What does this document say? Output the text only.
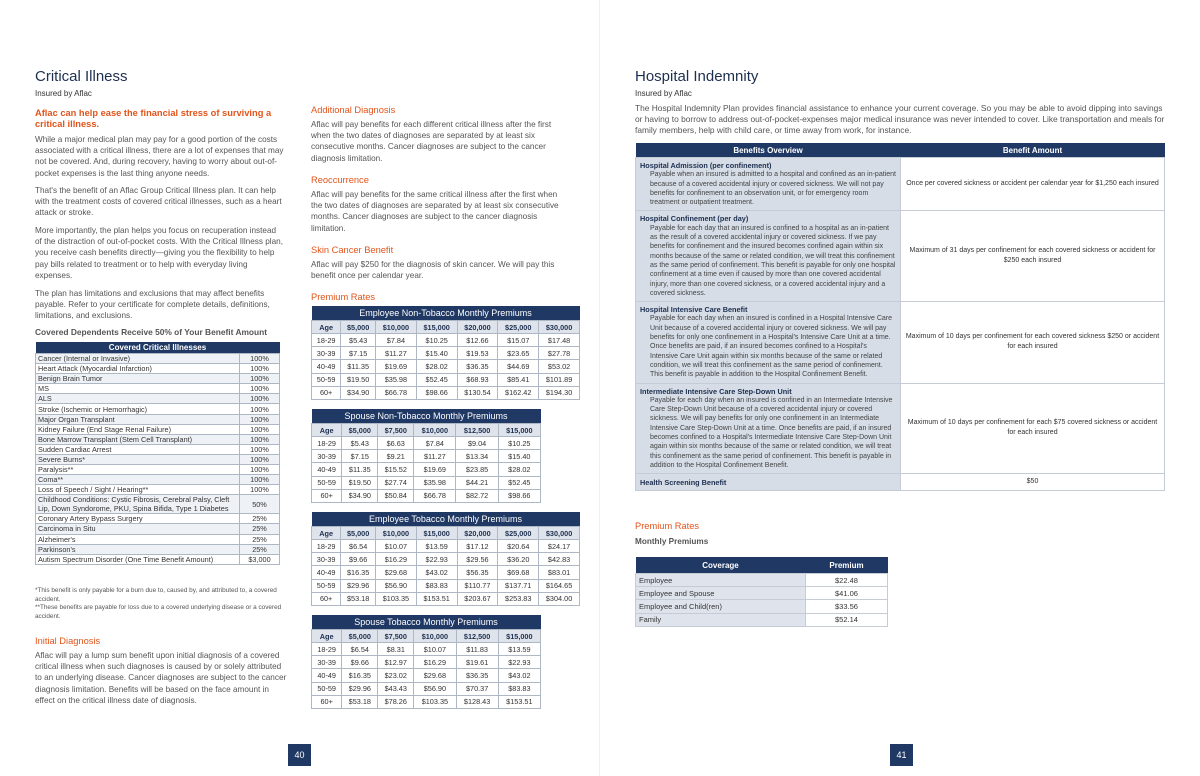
Critical Illness
Insured by Aflac
Aflac can help ease the financial stress of surviving a critical illness.

While a major medical plan may pay for a good portion of the costs associated with a critical illness, there are a lot of expenses that may not be covered. And, during recovery, having to worry about out-of-pocket expenses is the last thing anyone needs.

That's the benefit of an Aflac Group Critical Illness plan. It can help with the treatment costs of covered critical illnesses, such as a heart attack or stroke.

More importantly, the plan helps you focus on recuperation instead of the distraction of out-of-pocket costs. With the Critical Illness plan, you receive cash benefits directly—giving you the flexibility to help pay bills related to treatment or to help with everyday living expenses.

The plan has limitations and exclusions that may affect benefits payable. Refer to your certificate for complete details, definitions, limitations, and exclusions.

Covered Dependents Receive 50% of Your Benefit Amount
Covered Critical Illnesses	
Cancer (Internal or Invasive)	100%
Heart Attack (Myocardial Infarction)	100%
Benign Brain Tumor	100%
MS	100%
ALS	100%
Stroke (Ischemic or Hemorrhagic)	100%
Major Organ Transplant	100%
Kidney Failure (End Stage Renal Failure)	100%
Bone Marrow Transplant (Stem Cell Transplant)	100%
Sudden Cardiac Arrest	100%
Severe Burns*	100%
Paralysis**	100%
Coma**	100%
Loss of Speech / Sight / Hearing**	100%
Childhood Conditions: Cystic Fibrosis, Cerebral Palsy, Cleft Lip, Down Syndorome, PKU, Spina Bifida, Type 1 Diabetes	50%
Coronary Artery Bypass Surgery	25%
Carcinoma in Situ	25%
Alzheimer's	25%
Parkinson's	25%
Autism Spectrum Disorder (One Time Benefit Amount)	$3,000

*This benefit is only payable for a burn due to, caused by, and attributed to, a covered accident.

**These benefits are payable for loss due to a covered underlying disease or a covered accident.

Initial Diagnosis

Aflac will pay a lump sum benefit upon initial diagnosis of a covered critical illness when such diagnoses is caused by or solely attributed to an underlying disease. Cancer diagnoses are subject to the cancer diagnosis limitation. Benefits will be based on the face amount in effect on the critical illness date of diagnosis.

Additional Diagnosis

Aflac will pay benefits for each different critical illness after the first when the two dates of diagnoses are separated by at least six consecutive months. Cancer diagnoses are subject to the cancer diagnosis limitation.

Reoccurrence

Aflac will pay benefits for the same critical illness after the first when the two dates of diagnoses are separated by at least six consecutive months. Cancer diagnoses are subject to the cancer diagnosis limitation.

Skin Cancer Benefit

Aflac will pay $250 for the diagnosis of skin cancer. We will pay this benefit once per calendar year.

Premium Rates
Employee Non-Tobacco Monthly Premiums						
Age	$5,000	$10,000	$15,000	$20,000	$25,000	$30,000
18-29	$5.43	$7.84	$10.25	$12.66	$15.07	$17.48
30-39	$7.15	$11.27	$15.40	$19.53	$23.65	$27.78
40-49	$11.35	$19.69	$28.02	$36.35	$44.69	$53.02
50-59	$19.50	$35.98	$52.45	$68.93	$85.41	$101.89
60+	$34.90	$66.78	$98.66	$130.54	$162.42	$194.30
Spouse Non-Tobacco Monthly Premiums					
Age	$5,000	$7,500	$10,000	$12,500	$15,000
18-29	$5.43	$6.63	$7.84	$9.04	$10.25
30-39	$7.15	$9.21	$11.27	$13.34	$15.40
40-49	$11.35	$15.52	$19.69	$23.85	$28.02
50-59	$19.50	$27.74	$35.98	$44.21	$52.45
60+	$34.90	$50.84	$66.78	$82.72	$98.66
Employee Tobacco Monthly Premiums						
Age	$5,000	$10,000	$15,000	$20,000	$25,000	$30,000
18-29	$6.54	$10.07	$13.59	$17.12	$20.64	$24.17
30-39	$9.66	$16.29	$22.93	$29.56	$36.20	$42.83
40-49	$16.35	$29.68	$43.02	$56.35	$69.68	$83.01
50-59	$29.96	$56.90	$83.83	$110.77	$137.71	$164.65
60+	$53.18	$103.35	$153.51	$203.67	$253.83	$304.00
Spouse Tobacco Monthly Premiums					
Age	$5,000	$7,500	$10,000	$12,500	$15,000
18-29	$6.54	$8.31	$10.07	$11.83	$13.59
30-39	$9.66	$12.97	$16.29	$19.61	$22.93
40-49	$16.35	$23.02	$29.68	$36.35	$43.02
50-59	$29.96	$43.43	$56.90	$70.37	$83.83
60+	$53.18	$78.26	$103.35	$128.43	$153.51
40
Hospital Indemnity
Insured by Aflac

The Hospital Indemnity Plan provides financial assistance to enhance your current coverage. So you may be able to avoid dipping into savings or having to borrow to address out-of-pocket-expenses major medical insurance was never intended to cover. Like transportation and meals for family members, help with child care, or time away from work, for instance.

Benefits Overview	Benefit Amount

Hospital Admission (per confinement)
Payable when an insured is admitted to a hospital and confined as an in-patient because of a covered accidental injury or covered sickness. We will not pay benefits for confinement to an observation unit, or for emergency room treatment or outpatient treatment.	Once per covered sickness or accident per calendar year for $1,250 each insured

Hospital Confinement (per day)
Payable for each day that an insured is confined to a hospital as an in-patient as the result of a covered accidental injury or covered sickness. If we pay benefits for confinement and the insured becomes confined again within six months because of the same or related condition, we will treat this confinement as the same period of confinement. This benefit is payable for only one hospital confinement at a time even if caused by more than one covered accidental injury, more than one covered sickness, or a covered accidental injury and a covered sickness.	Maximum of 31 days per confinement for each covered sickness or accident for $250 each insured

Hospital Intensive Care Benefit
Payable for each day when an insured is confined in a Hospital Intensive Care Unit because of a covered accidental injury or covered sickness. We will pay benefits for only one confinement in a Hospital's Intensive Care Unit at a time. Once benefits are paid, if an insured becomes confined to a Hospital's Intensive Care Unit again within six months because of the same or related condition, we will treat this confinement as the same period of confinement. This benefit is payable in addition to the Hospital Confinement Benefit.	Maximum of 10 days per confinement for each covered sickness $250 or accident for each insured

Intermediate Intensive Care Step-Down Unit
Payable for each day when an insured is confined in an Intermediate Intensive Care Step-Down Unit because of a covered accidental injury or covered sickness. We will pay benefits for only one confinement in an Intermediate Intensive Care Step-Down Unit at a time. Once benefits are paid, if an insured becomes confined to a Hospital's Intermediate Intensive Care Step-Down Unit again within six months because of the same or related condition, we will treat this confinement as the same period of confinement. This benefit is payable in addition to the Hospital Confinement Benefit.	Maximum of 10 days per confinement for each $75 covered sickness or accident for each insured

Health Screening Benefit	$50
Premium Rates
Monthly Premiums
Coverage	Premium
Employee	$22.48
Employee and Spouse	$41.06
Employee and Child(ren)	$33.56
Family	$52.14
41
